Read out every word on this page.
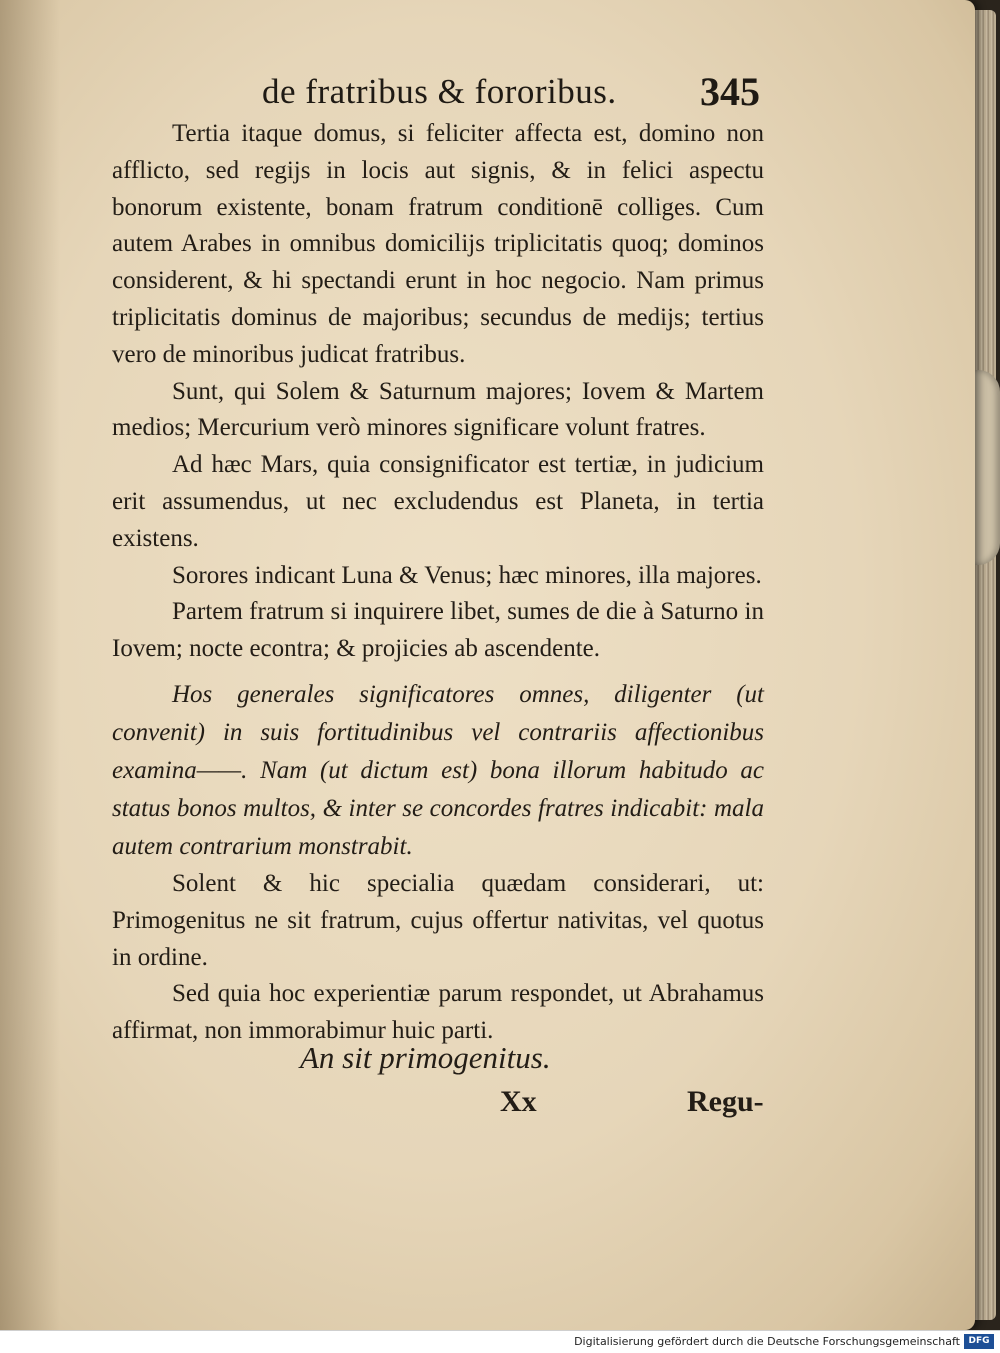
de fratribus & fororibus. 345

Tertia itaque domus, si feliciter affecta est, domino non afflicto, sed regijs in locis aut signis, & in felici aspectu bonorum existente, bonam fratrum conditionē colliges. Cum autem Arabes in omnibus domicilijs triplicitatis quoq; dominos considerent, & hi spectandi erunt in hoc negocio. Nam primus triplicitatis dominus de majoribus; secundus de medijs; tertius vero de minoribus judicat fratribus.

Sunt, qui Solem & Saturnum majores; Iovem & Martem medios; Mercurium verò minores significare volunt fratres.

Ad hæc Mars, quia consignificator est tertiæ, in judicium erit assumendus, ut nec excludendus est Planeta, in tertia existens.

Sorores indicant Luna & Venus; hæc minores, illa majores.

Partem fratrum si inquirere libet, sumes de die à Saturno in Iovem; nocte econtra; & projicies ab ascendente.

Hos generales significatores omnes, diligenter (ut convenit) in suis fortitudinibus vel contrariis affectionibus examina——. Nam (ut dictum est) bona illorum habitudo ac status bonos multos, & inter se concordes fratres indicabit: mala autem contrarium monstrabit.

Solent & hic specialia quædam considerari, ut: Primogenitus ne sit fratrum, cujus offertur nativitas, vel quotus in ordine.

Sed quia hoc experientiæ parum respondet, ut Abrahamus affirmat, non immorabimur huic parti.

An sit primogenitus.
Xx	Regu-
Digitalisierung gefördert durch die Deutsche Forschungsgemeinschaft DFG
